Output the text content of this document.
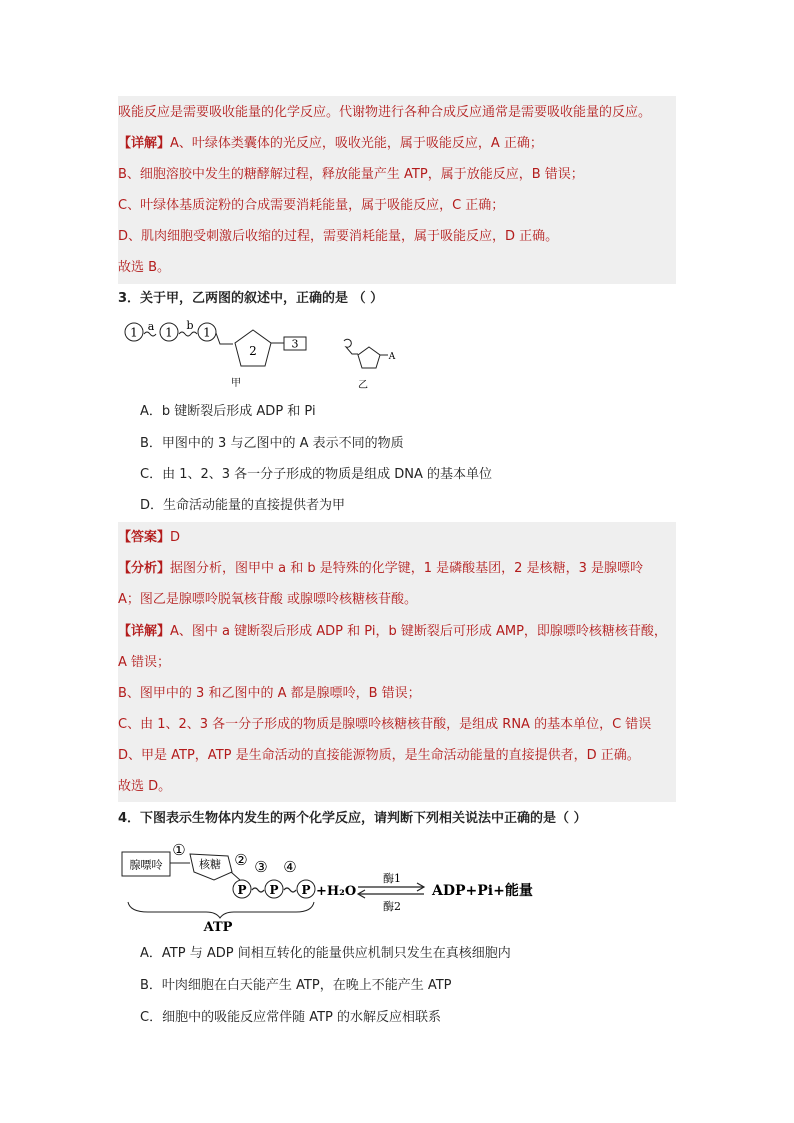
吸能反应是需要吸收能量的化学反应。代谢物进行各种合成反应通常是需要吸收能量的反应。
【详解】A、叶绿体类囊体的光反应，吸收光能，属于吸能反应，A 正确；
B、细胞溶胶中发生的糖酵解过程，释放能量产生 ATP，属于放能反应，B 错误；
C、叶绿体基质淀粉的合成需要消耗能量，属于吸能反应，C 正确；
D、肌肉细胞受刺激后收缩的过程，需要消耗能量，属于吸能反应，D 正确。
故选 B。
3．关于甲，乙两图的叙述中，正确的是 （ ）
1 a 1 b 1
2	3
甲
A
乙
A．b 键断裂后形成 ADP 和 Pi
B．甲图中的 3 与乙图中的 A 表示不同的物质
C．由 1、2、3 各一分子形成的物质是组成 DNA 的基本单位
D．生命活动能量的直接提供者为甲
【答案】D
【分析】据图分析，图甲中 a 和 b 是特殊的化学键，1 是磷酸基团，2 是核糖，3 是腺嘌呤
A；图乙是腺嘌呤脱氧核苷酸 或腺嘌呤核糖核苷酸。
【详解】A、图中 a 键断裂后形成 ADP 和 Pi，b 键断裂后可形成 AMP，即腺嘌呤核糖核苷酸，
A 错误；
B、图甲中的 3 和乙图中的 A 都是腺嘌呤，B 错误；
C、由 1、2、3 各一分子形成的物质是腺嘌呤核糖核苷酸，是组成 RNA 的基本单位，C 错误
D、甲是 ATP，ATP 是生命活动的直接能源物质，是生命活动能量的直接提供者，D 正确。
故选 D。
4．下图表示生物体内发生的两个化学反应，请判断下列相关说法中正确的是（ ）
腺嘌呤
①
核糖 ② ③ ④
P P P +H₂O
酶1
酶2
ADP+Pi+能量
ATP
A．ATP 与 ADP 间相互转化的能量供应机制只发生在真核细胞内
B．叶肉细胞在白天能产生 ATP，在晚上不能产生 ATP
C．细胞中的吸能反应常伴随 ATP 的水解反应相联系
